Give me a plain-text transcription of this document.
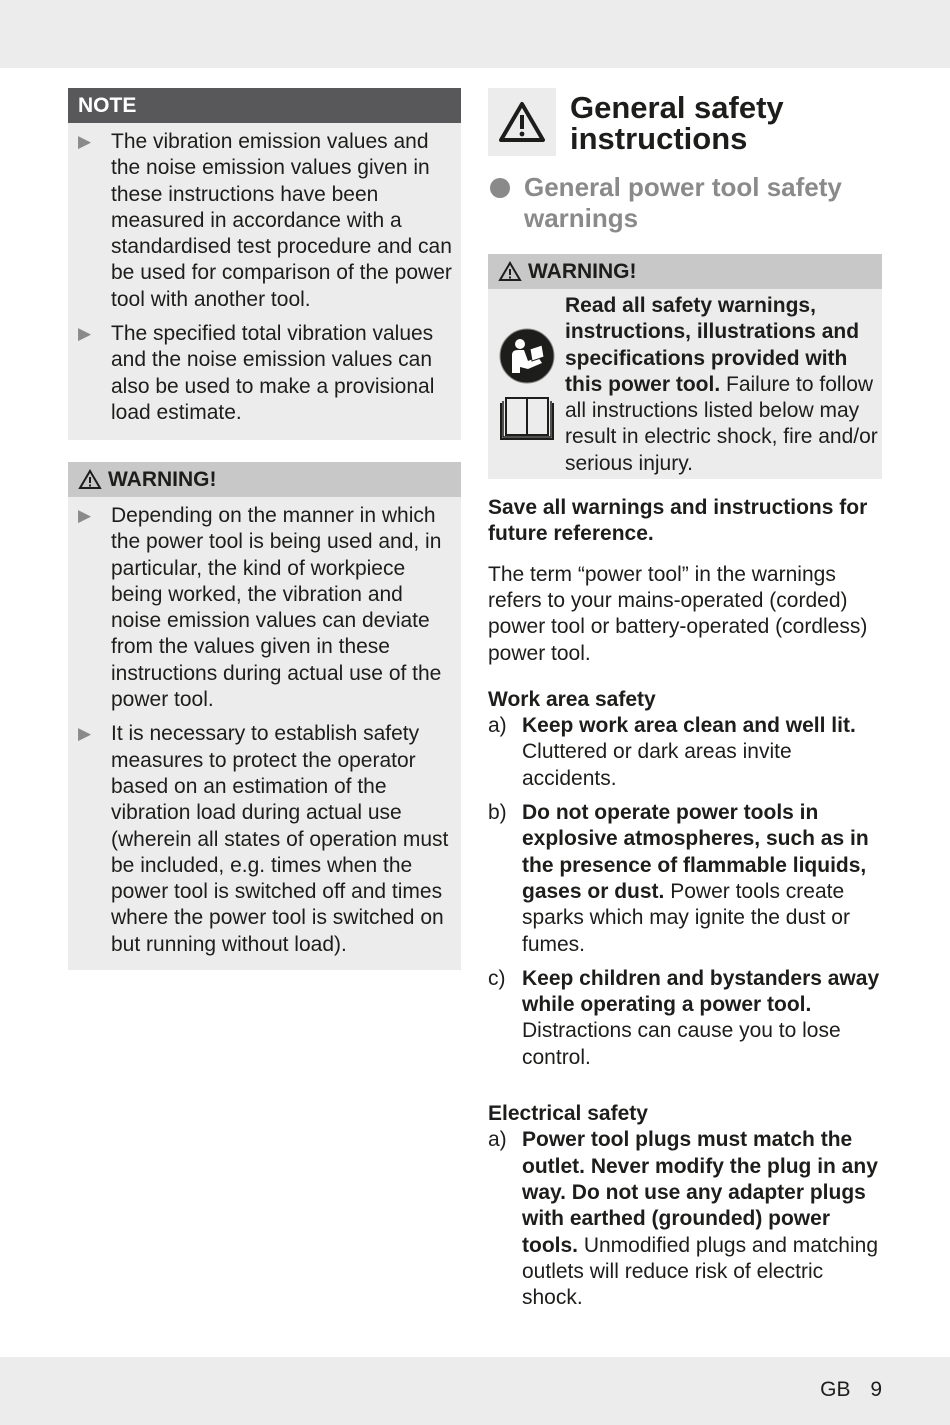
NOTE
▶ The vibration emission values and the noise emission values given in these instructions have been measured in accordance with a standardised test procedure and can be used for comparison of the power tool with another tool.
▶ The specified total vibration values and the noise emission values can also be used to make a provisional load estimate.
WARNING!
▶ Depending on the manner in which the power tool is being used and, in particular, the kind of workpiece being worked, the vibration and noise emission values can deviate from the values given in these instructions during actual use of the power tool.
▶ It is necessary to establish safety measures to protect the operator based on an estimation of the vibration load during actual use (wherein all states of operation must be included, e.g. times when the power tool is switched off and times where the power tool is switched on but running without load).
General safety instructions
General power tool safety warnings
WARNING!
Read all safety warnings, instructions, illustrations and specifications provided with this power tool. Failure to follow all instructions listed below may result in electric shock, fire and/or serious injury.
Save all warnings and instructions for future reference.

The term “power tool” in the warnings refers to your mains-operated (corded) power tool or battery-operated (cordless) power tool.

Work area safety
a) Keep work area clean and well lit. Cluttered or dark areas invite accidents.
b) Do not operate power tools in explosive atmospheres, such as in the presence of flammable liquids, gases or dust. Power tools create sparks which may ignite the dust or fumes.
c) Keep children and bystanders away while operating a power tool. Distractions can cause you to lose control.
Electrical safety
a) Power tool plugs must match the outlet. Never modify the plug in any way. Do not use any adapter plugs with earthed (grounded) power tools. Unmodified plugs and matching outlets will reduce risk of electric shock.
GB 9
